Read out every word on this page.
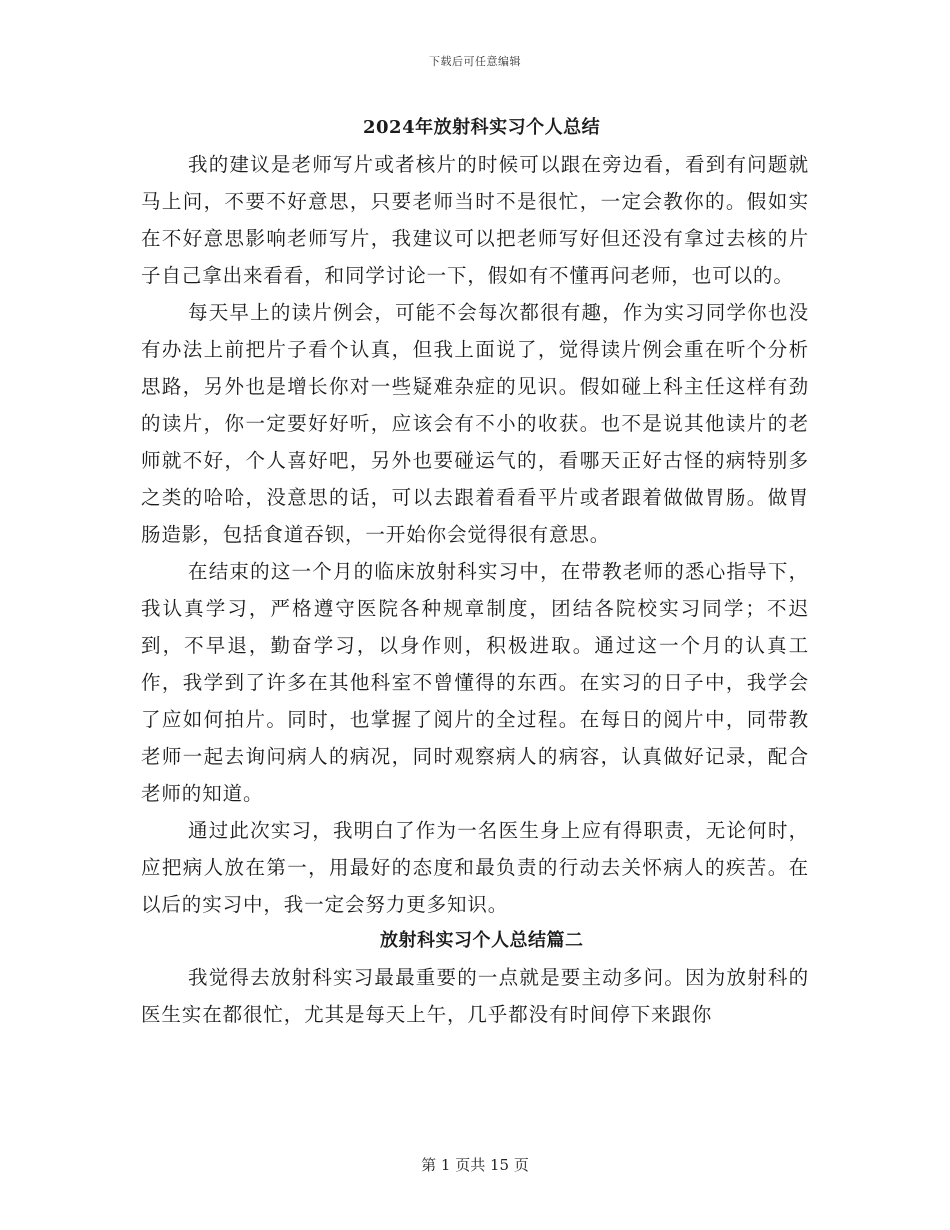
下载后可任意编辑
2024年放射科实习个人总结

我的建议是老师写片或者核片的时候可以跟在旁边看，看到有问题就马上问，不要不好意思，只要老师当时不是很忙，一定会教你的。假如实在不好意思影响老师写片，我建议可以把老师写好但还没有拿过去核的片子自己拿出来看看，和同学讨论一下，假如有不懂再问老师，也可以的。

每天早上的读片例会，可能不会每次都很有趣，作为实习同学你也没有办法上前把片子看个认真，但我上面说了，觉得读片例会重在听个分析思路，另外也是增长你对一些疑难杂症的见识。假如碰上科主任这样有劲的读片，你一定要好好听，应该会有不小的收获。也不是说其他读片的老师就不好，个人喜好吧，另外也要碰运气的，看哪天正好古怪的病特别多之类的哈哈，没意思的话，可以去跟着看看平片或者跟着做做胃肠。做胃肠造影，包括食道吞钡，一开始你会觉得很有意思。

在结束的这一个月的临床放射科实习中，在带教老师的悉心指导下，我认真学习，严格遵守医院各种规章制度，团结各院校实习同学；不迟到，不早退，勤奋学习，以身作则，积极进取。通过这一个月的认真工作，我学到了许多在其他科室不曾懂得的东西。在实习的日子中，我学会了应如何拍片。同时，也掌握了阅片的全过程。在每日的阅片中，同带教老师一起去询问病人的病况，同时观察病人的病容，认真做好记录，配合老师的知道。

通过此次实习，我明白了作为一名医生身上应有得职责，无论何时，应把病人放在第一，用最好的态度和最负责的行动去关怀病人的疾苦。在以后的实习中，我一定会努力更多知识。

放射科实习个人总结篇二

我觉得去放射科实习最最重要的一点就是要主动多问。因为放射科的医生实在都很忙，尤其是每天上午，几乎都没有时间停下来跟你

第 1 页共 15 页
